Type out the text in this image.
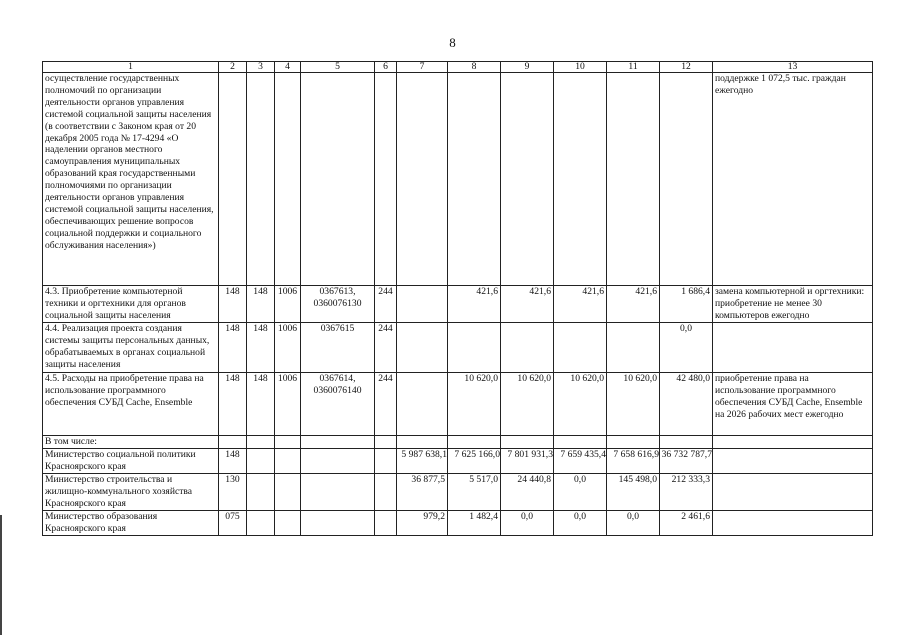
8
1	2	3	4	5	6	7	8	9	10	11	12	13
осуществление государственных полномочий по организации деятельности органов управления системой социальной защиты населения (в соответствии с Законом края от 20 декабря 2005 года № 17-4294 «О наделении органов местного самоуправления муниципальных образований края государственными полномочиями по организации деятельности органов управления системой социальной защиты населения, обеспечивающих решение вопросов социальной поддержки и социального обслуживания населения»)												поддержке 1 072,5 тыс. граждан ежегодно
4.3. Приобретение компьютерной техники и оргтехники для органов социальной защиты населения	148	148	1006	0367613, 0360076130	244		421,6	421,6	421,6	421,6	1 686,4	замена компьютерной и оргтехники: приобретение не менее 30 компьютеров ежегодно
4.4. Реализация проекта создания системы защиты персональных данных, обрабатываемых в органах социальной защиты населения	148	148	1006	0367615	244						0,0	
4.5. Расходы на приобретение права на использование программного обеспечения СУБД Cache, Ensemble	148	148	1006	0367614, 0360076140	244		10 620,0	10 620,0	10 620,0	10 620,0	42 480,0	приобретение права на использование программного обеспечения СУБД Cache, Ensemble на 2026 рабочих мест ежегодно
В том числе:												
Министерство социальной политики Красноярского края	148					5 987 638,1	7 625 166,0	7 801 931,3	7 659 435,4	7 658 616,9	36 732 787,7	
Министерство строительства и жилищно-коммунального хозяйства Красноярского края	130					36 877,5	5 517,0	24 440,8	0,0	145 498,0	212 333,3	
Министерство образования Красноярского края	075					979,2	1 482,4	0,0	0,0	0,0	2 461,6	
